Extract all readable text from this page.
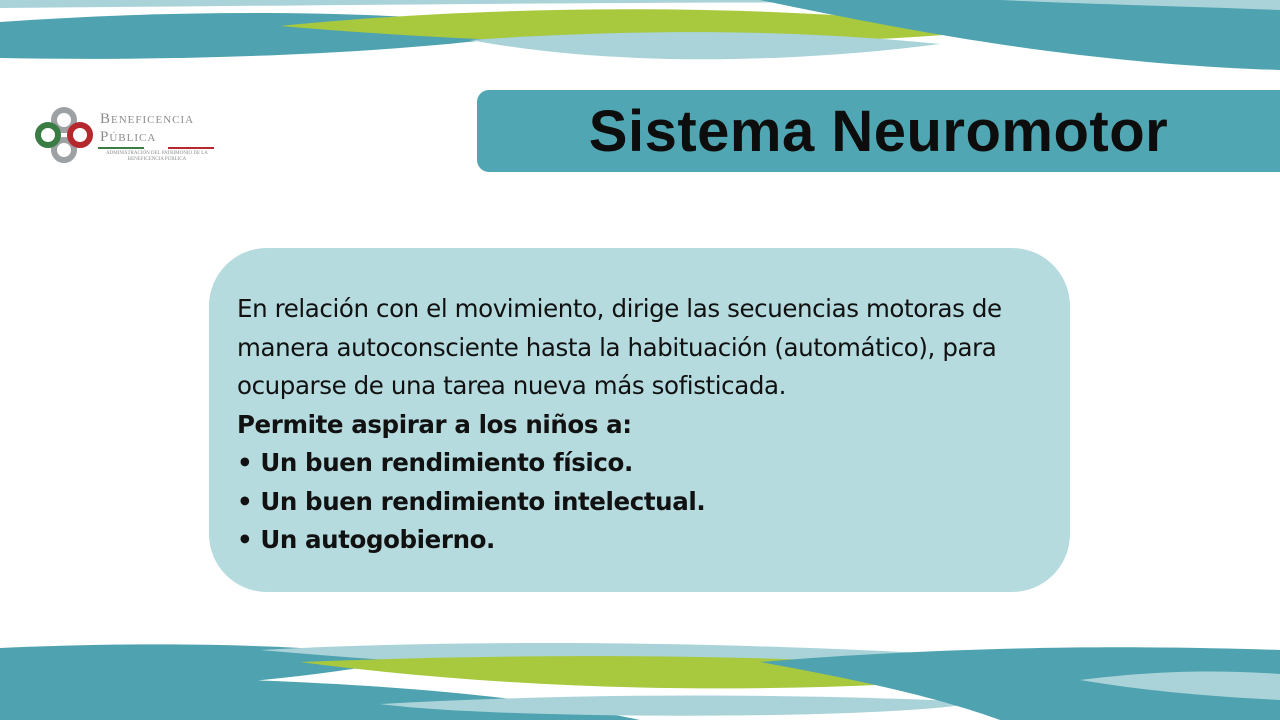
Beneficencia
Pública
ADMINISTRACIÓN DEL PATRIMONIO DE LA BENEFICENCIA PÚBLICA	Sistema Neuromotor

En relación con el movimiento, dirige las secuencias motoras de manera autoconsciente hasta la habituación (automático), para ocuparse de una tarea nueva más sofisticada.

Permite aspirar a los niños a:
• Un buen rendimiento físico.
• Un buen rendimiento intelectual.
• Un autogobierno.
